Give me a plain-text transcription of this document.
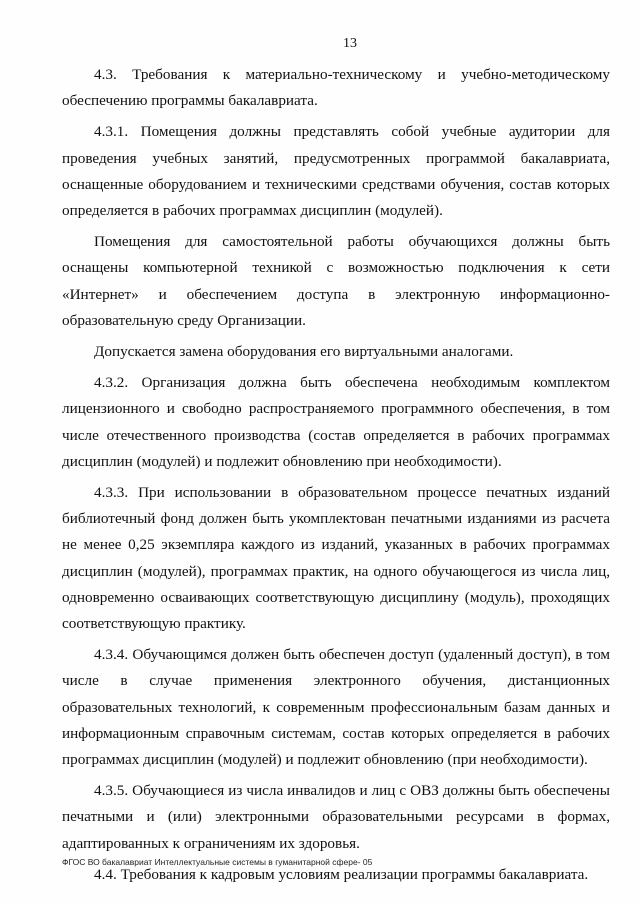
13

4.3. Требования к материально-техническому и учебно-методическому обеспечению программы бакалавриата.

4.3.1. Помещения должны представлять собой учебные аудитории для проведения учебных занятий, предусмотренных программой бакалавриата, оснащенные оборудованием и техническими средствами обучения, состав которых определяется в рабочих программах дисциплин (модулей).

Помещения для самостоятельной работы обучающихся должны быть оснащены компьютерной техникой с возможностью подключения к сети «Интернет» и обеспечением доступа в электронную информационно-образовательную среду Организации.

Допускается замена оборудования его виртуальными аналогами.

4.3.2. Организация должна быть обеспечена необходимым комплектом лицензионного и свободно распространяемого программного обеспечения, в том числе отечественного производства (состав определяется в рабочих программах дисциплин (модулей) и подлежит обновлению при необходимости).

4.3.3. При использовании в образовательном процессе печатных изданий библиотечный фонд должен быть укомплектован печатными изданиями из расчета не менее 0,25 экземпляра каждого из изданий, указанных в рабочих программах дисциплин (модулей), программах практик, на одного обучающегося из числа лиц, одновременно осваивающих соответствующую дисциплину (модуль), проходящих соответствующую практику.

4.3.4. Обучающимся должен быть обеспечен доступ (удаленный доступ), в том числе в случае применения электронного обучения, дистанционных образовательных технологий, к современным профессиональным базам данных и информационным справочным системам, состав которых определяется в рабочих программах дисциплин (модулей) и подлежит обновлению (при необходимости).

4.3.5. Обучающиеся из числа инвалидов и лиц с ОВЗ должны быть обеспечены печатными и (или) электронными образовательными ресурсами в формах, адаптированных к ограничениям их здоровья.

4.4. Требования к кадровым условиям реализации программы бакалавриата.

ФГОС ВО бакалавриат Интеллектуальные системы в гуманитарной сфере- 05
